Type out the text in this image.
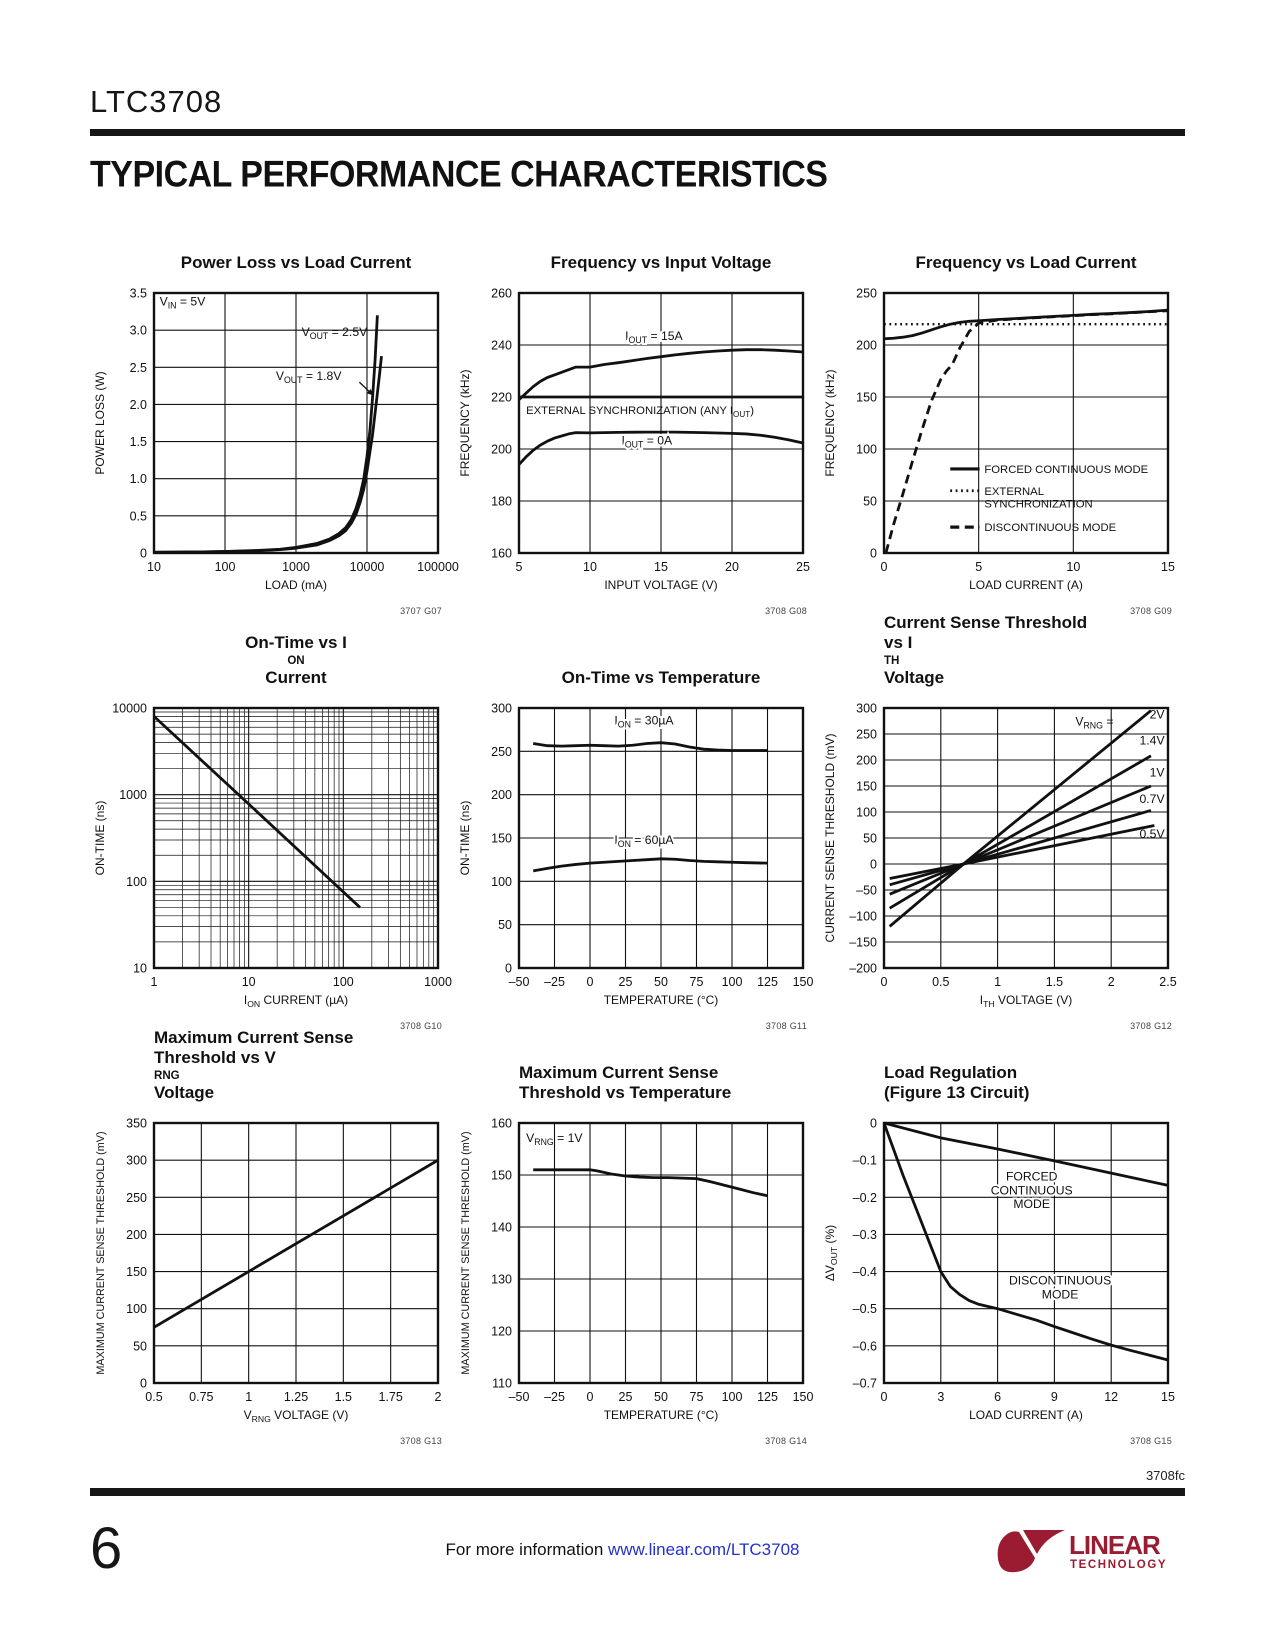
LTC3708
TYPICAL PERFORMANCE CHARACTERISTICS
Power Loss vs Load Current
10	100	1000	10000	100000
0
0.5
1.0
1.5
2.0
2.5
3.0
3.5
LOAD (mA)
POWER LOSS (W)
$V_{IN} = 5V$
$V_{OUT} = 2.5V$
$V_{OUT} = 1.8V$
3707 G07
Frequency vs Input Voltage
5	10	15	20	25
160
180
200
220
240
260
INPUT VOLTAGE (V)
FREQUENCY (kHz)
$I_{OUT} = 15A$
EXTERNAL SYNCHRONIZATION (ANY $I_{OUT}$)
$I_{OUT} = 0A$
3708 G08
Frequency vs Load Current
0	5	10	15
0
50
100
150
200
250
LOAD CURRENT (A)
FREQUENCY (kHz)	FORCED CONTINUOUS MODE
EXTERNAL SYNCHRONIZATION
DISCONTINUOUS MODE
3708 G09
On-Time vs I
ON
Current
1	10	100	1000
10
100
1000
10000
$I_{ON}$ CURRENT (µA)
ON-TIME (ns)
3708 G10
On-Time vs Temperature
–50 –25 0 25 50 75 100 125 150
0
50
100
150
200
250
300
TEMPERATURE (°C)
ON-TIME (ns)
$I_{ON} = 30\mu A$
$I_{ON} = 60\mu A$
3708 G11
Current Sense Threshold
vs I
TH
Voltage
0	0.5	1	1.5	2	2.5
–200
–150
–100
–50
0
50
100
150
200
250
300
$I_{TH}$ VOLTAGE (V)
CURRENT SENSE THRESHOLD (mV)
$V_{RNG}$ =
2V
1.4V
1V
0.7V
0.5V
3708 G12
Maximum Current Sense
Threshold vs V
RNG
Voltage
0.5 0.75	1	1.25 1.5 1.75	2
0
50
100
150
200
250
300
350
$V_{RNG}$ VOLTAGE (V)
MAXIMUM CURRENT SENSE THRESHOLD (mV)
3708 G13
Maximum Current Sense
Threshold vs Temperature
–50 –25 0 25 50 75 100 125 150
110
120
130
140
150
160
TEMPERATURE (°C)
MAXIMUM CURRENT SENSE THRESHOLD (mV)	$V_{RNG} = 1V$
3708 G14
Load Regulation
(Figure 13 Circuit)
0	3	6	9	12	15
0
–0.1
–0.2
–0.3
–0.4
–0.5
–0.6
–0.7
LOAD CURRENT (A)
$\Delta V_{OUT}$ (%)
FORCED CONTINUOUS MODE
DISCONTINUOUS MODE
3708 G15
3708fc
6	For more information www.linear.com/LTC3708	LINEAR
TECHNOLOGY
